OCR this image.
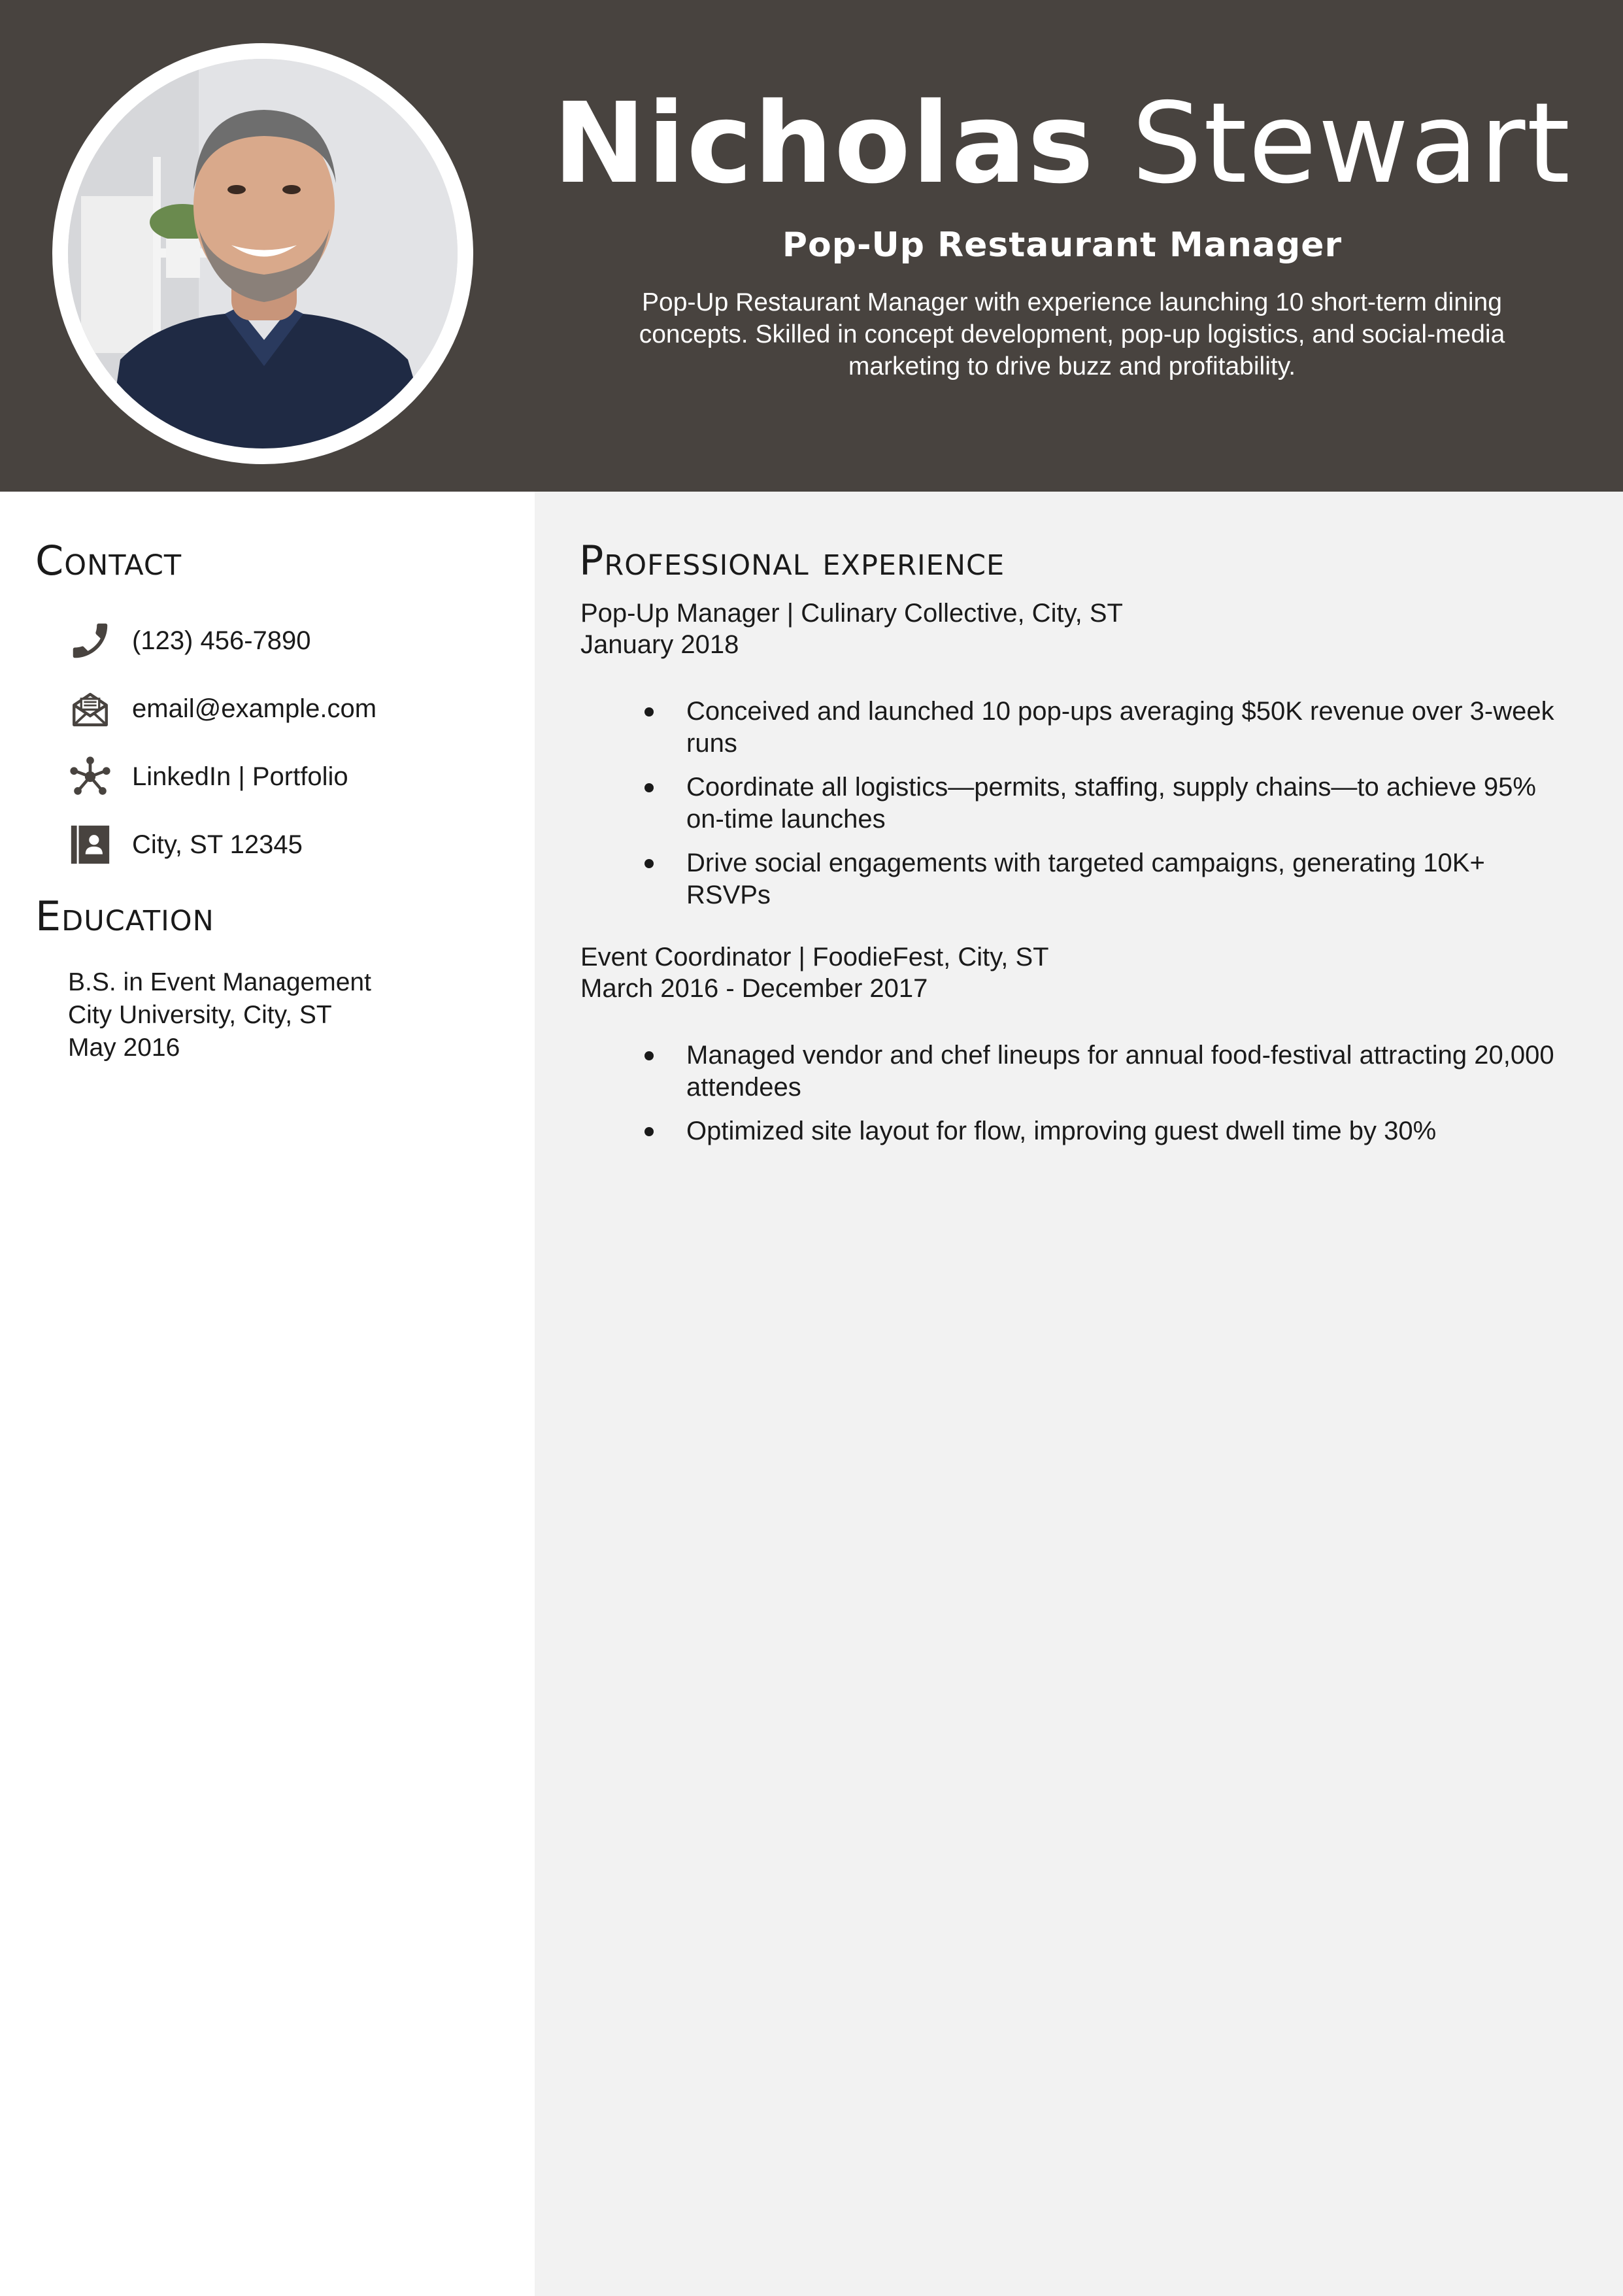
Nicholas Stewart
Pop-Up Restaurant Manager
Pop-Up Restaurant Manager with experience launching 10 short-term dining concepts. Skilled in concept development, pop-up logistics, and social-media marketing to drive buzz and profitability.
Contact
(123) 456-7890
email@example.com
LinkedIn | Portfolio
City, ST 12345
Education
B.S. in Event Management
City University, City, ST
May 2016
Professional experience
Pop-Up Manager | Culinary Collective, City, ST
January 2018
Conceived and launched 10 pop-ups averaging $50K revenue over 3-week runs
Coordinate all logistics—permits, staffing, supply chains—to achieve 95% on-time launches
Drive social engagements with targeted campaigns, generating 10K+ RSVPs
Event Coordinator | FoodieFest, City, ST
March 2016 - December 2017
Managed vendor and chef lineups for annual food-festival attracting 20,000 attendees
Optimized site layout for flow, improving guest dwell time by 30%
